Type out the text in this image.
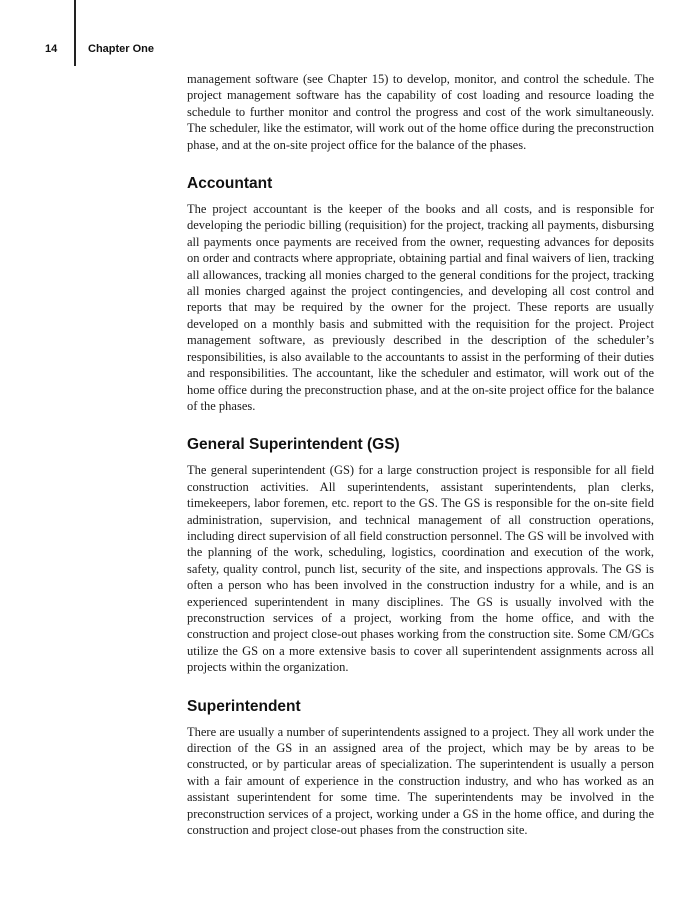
14	Chapter One

management software (see Chapter 15) to develop, monitor, and control the schedule. The project management software has the capability of cost loading and resource loading the schedule to further monitor and control the progress and cost of the work simultaneously. The scheduler, like the estimator, will work out of the home office during the preconstruction phase, and at the on-site project office for the balance of the phases.

Accountant

The project accountant is the keeper of the books and all costs, and is responsible for developing the periodic billing (requisition) for the project, tracking all payments, disbursing all payments once payments are received from the owner, requesting advances for deposits on order and contracts where appropriate, obtaining partial and final waivers of lien, tracking all allowances, tracking all monies charged to the general conditions for the project, tracking all monies charged against the project contingencies, and developing all cost control and reports that may be required by the owner for the project. These reports are usually developed on a monthly basis and submitted with the requisition for the project. Project management software, as previously described in the description of the scheduler’s responsibilities, is also available to the accountants to assist in the performing of their duties and responsibilities. The accountant, like the scheduler and estimator, will work out of the home office during the preconstruction phase, and at the on-site project office for the balance of the phases.

General Superintendent (GS)

The general superintendent (GS) for a large construction project is responsible for all field construction activities. All superintendents, assistant superintendents, plan clerks, timekeepers, labor foremen, etc. report to the GS. The GS is responsible for the on-site field administration, supervision, and technical management of all construction operations, including direct supervision of all field construction personnel. The GS will be involved with the planning of the work, scheduling, logistics, coordination and execution of the work, safety, quality control, punch list, security of the site, and inspections approvals. The GS is often a person who has been involved in the construction industry for a while, and is an experienced superintendent in many disciplines. The GS is usually involved with the preconstruction services of a project, working from the home office, and with the construction and project close-out phases working from the construction site. Some CM/GCs utilize the GS on a more extensive basis to cover all superintendent assignments across all projects within the organization.

Superintendent

There are usually a number of superintendents assigned to a project. They all work under the direction of the GS in an assigned area of the project, which may be by areas to be constructed, or by particular areas of specialization. The superintendent is usually a person with a fair amount of experience in the construction industry, and who has worked as an assistant superintendent for some time. The superintendents may be involved in the preconstruction services of a project, working under a GS in the home office, and during the construction and project close-out phases from the construction site.
